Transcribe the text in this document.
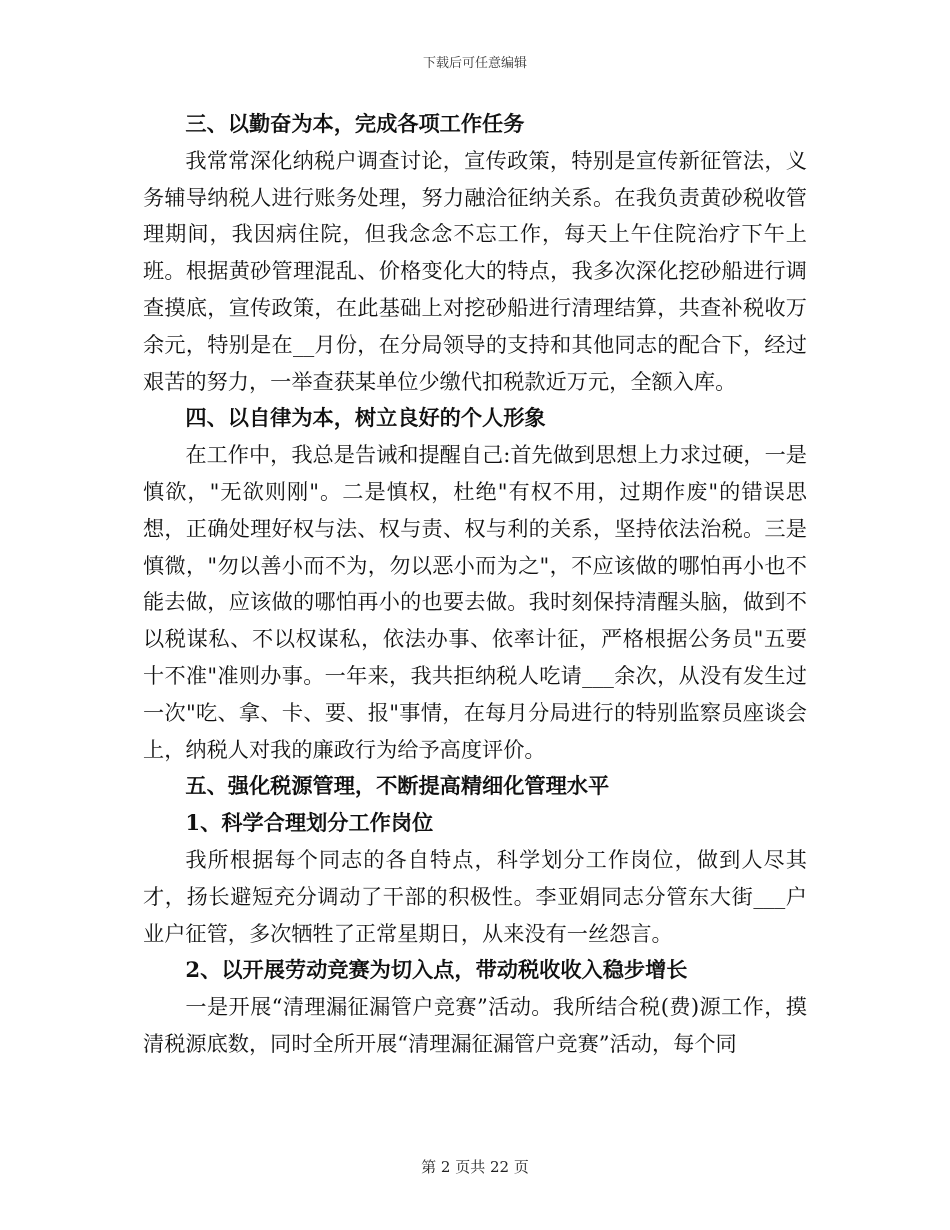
下载后可任意编辑

三、以勤奋为本，完成各项工作任务

我常常深化纳税户调查讨论，宣传政策，特别是宣传新征管法，义务辅导纳税人进行账务处理，努力融洽征纳关系。在我负责黄砂税收管理期间，我因病住院，但我念念不忘工作，每天上午住院治疗下午上班。根据黄砂管理混乱、价格变化大的特点，我多次深化挖砂船进行调查摸底，宣传政策，在此基础上对挖砂船进行清理结算，共查补税收万余元，特别是在__月份，在分局领导的支持和其他同志的配合下，经过艰苦的努力，一举查获某单位少缴代扣税款近万元，全额入库。

四、以自律为本，树立良好的个人形象

在工作中，我总是告诫和提醒自己:首先做到思想上力求过硬，一是慎欲，"无欲则刚"。二是慎权，杜绝"有权不用，过期作废"的错误思想，正确处理好权与法、权与责、权与利的关系，坚持依法治税。三是慎微，"勿以善小而不为，勿以恶小而为之"，不应该做的哪怕再小也不能去做，应该做的哪怕再小的也要去做。我时刻保持清醒头脑，做到不以税谋私、不以权谋私，依法办事、依率计征，严格根据公务员"五要十不准"准则办事。一年来，我共拒纳税人吃请___余次，从没有发生过一次"吃、拿、卡、要、报"事情，在每月分局进行的特别监察员座谈会上，纳税人对我的廉政行为给予高度评价。

五、强化税源管理，不断提高精细化管理水平

1、科学合理划分工作岗位

我所根据每个同志的各自特点，科学划分工作岗位，做到人尽其才，扬长避短充分调动了干部的积极性。李亚娟同志分管东大街___户业户征管，多次牺牲了正常星期日，从来没有一丝怨言。

2、以开展劳动竞赛为切入点，带动税收收入稳步增长

一是开展“清理漏征漏管户竞赛”活动。我所结合税(费)源工作，摸清税源底数，同时全所开展“清理漏征漏管户竞赛”活动，每个同

第 2 页共 22 页
